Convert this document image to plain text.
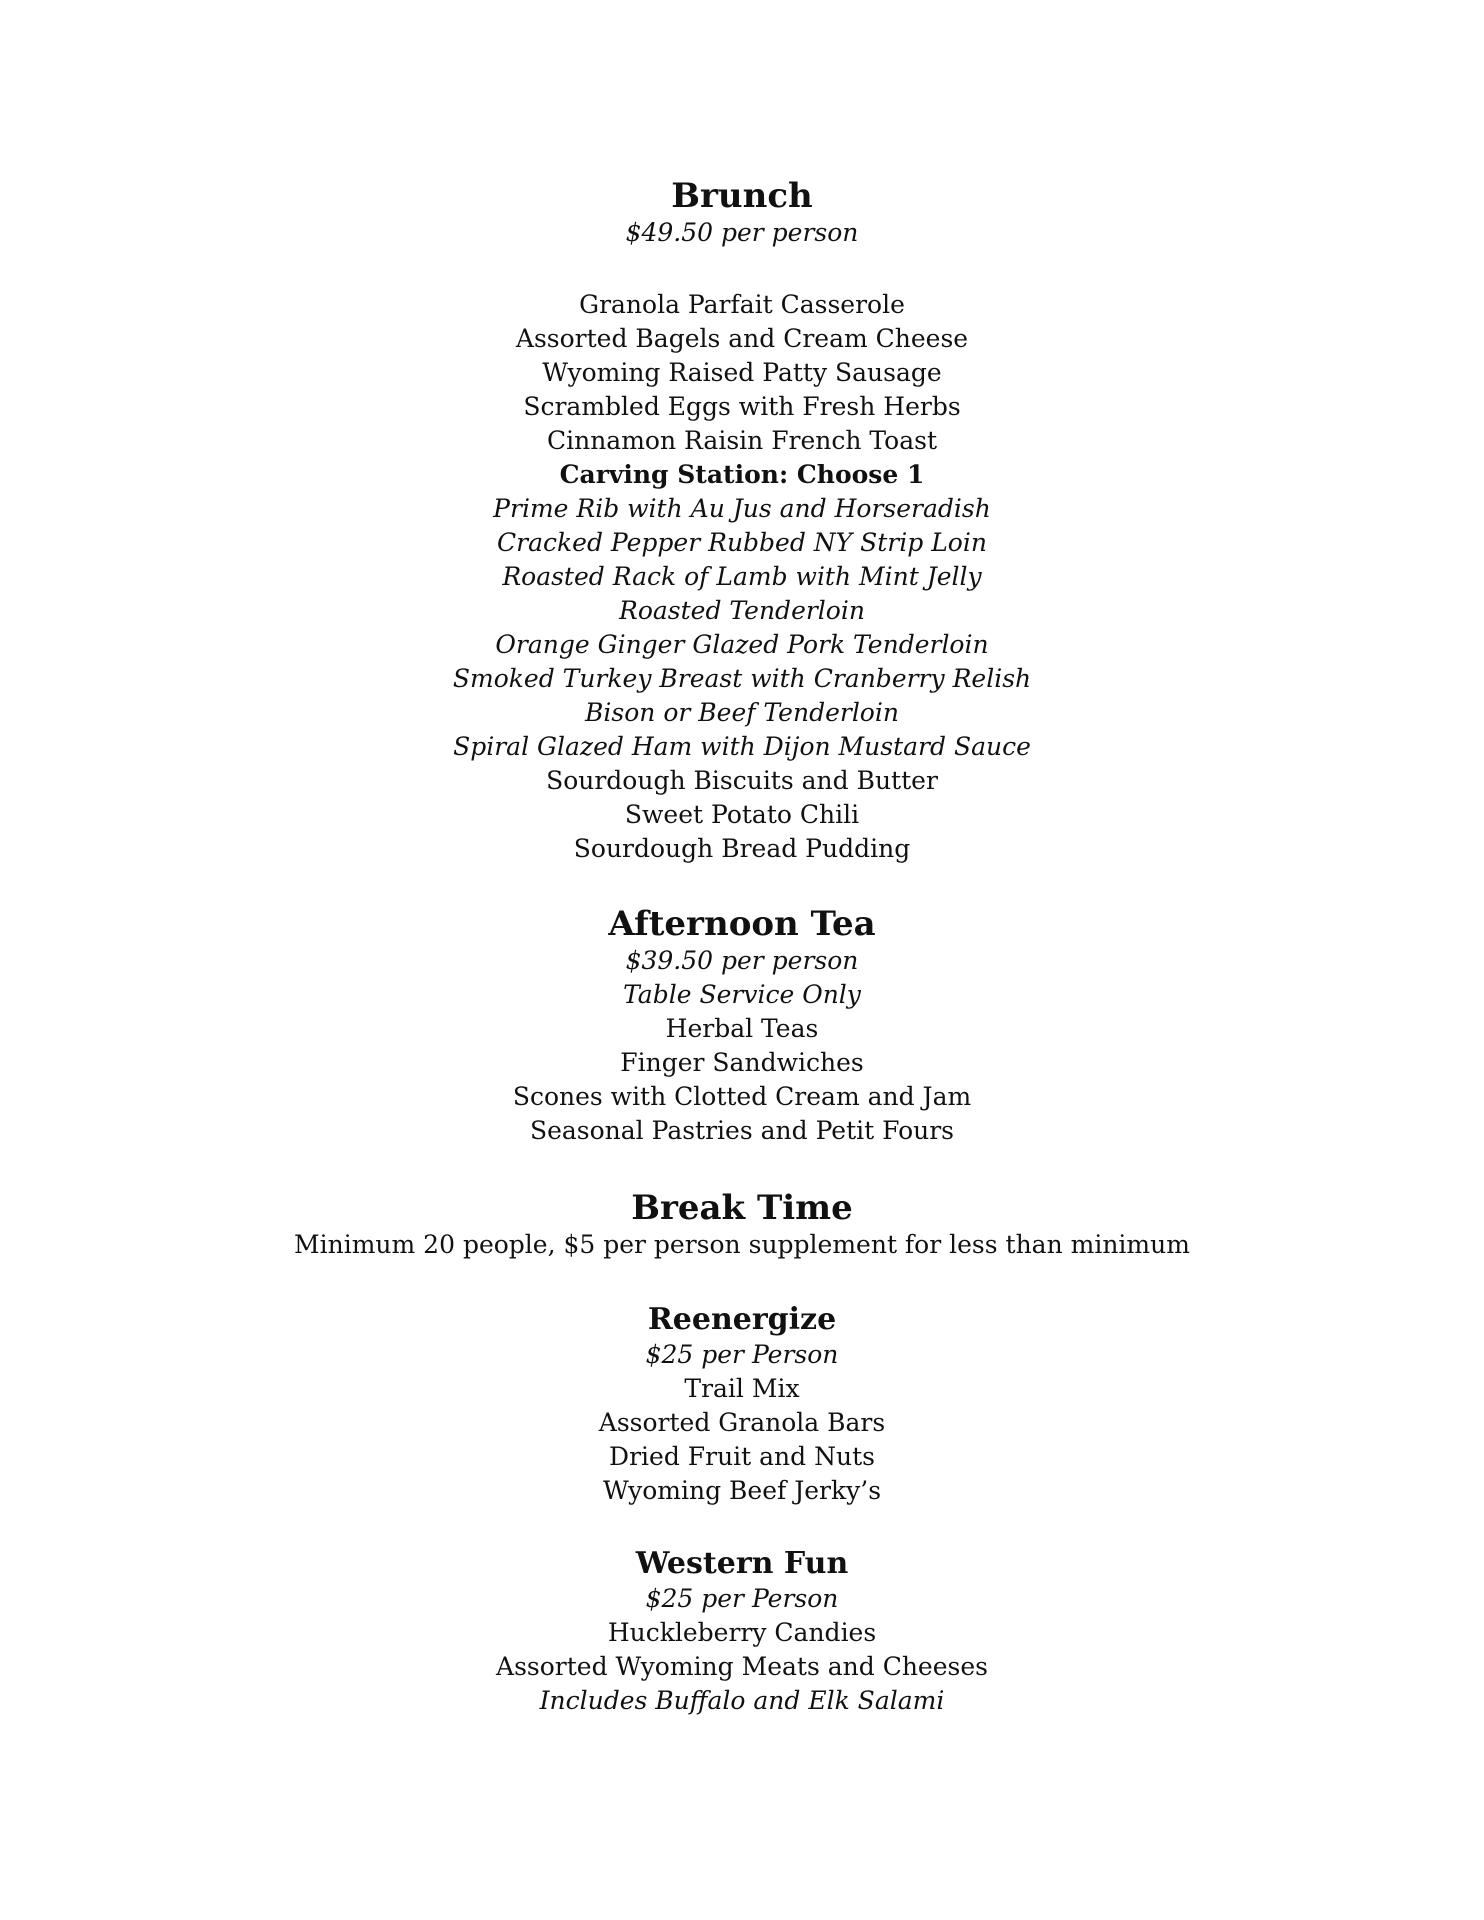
Brunch
$49.50 per person
Granola Parfait Casserole
Assorted Bagels and Cream Cheese
Wyoming Raised Patty Sausage
Scrambled Eggs with Fresh Herbs
Cinnamon Raisin French Toast
Carving Station: Choose 1
Prime Rib with Au Jus and Horseradish
Cracked Pepper Rubbed NY Strip Loin
Roasted Rack of Lamb with Mint Jelly
Roasted Tenderloin
Orange Ginger Glazed Pork Tenderloin
Smoked Turkey Breast with Cranberry Relish
Bison or Beef Tenderloin
Spiral Glazed Ham with Dijon Mustard Sauce
Sourdough Biscuits and Butter
Sweet Potato Chili
Sourdough Bread Pudding
Afternoon Tea
$39.50 per person
Table Service Only
Herbal Teas
Finger Sandwiches
Scones with Clotted Cream and Jam
Seasonal Pastries and Petit Fours
Break Time
Minimum 20 people, $5 per person supplement for less than minimum
Reenergize
$25 per Person
Trail Mix
Assorted Granola Bars
Dried Fruit and Nuts
Wyoming Beef Jerky’s
Western Fun
$25 per Person
Huckleberry Candies
Assorted Wyoming Meats and Cheeses
Includes Buffalo and Elk Salami
